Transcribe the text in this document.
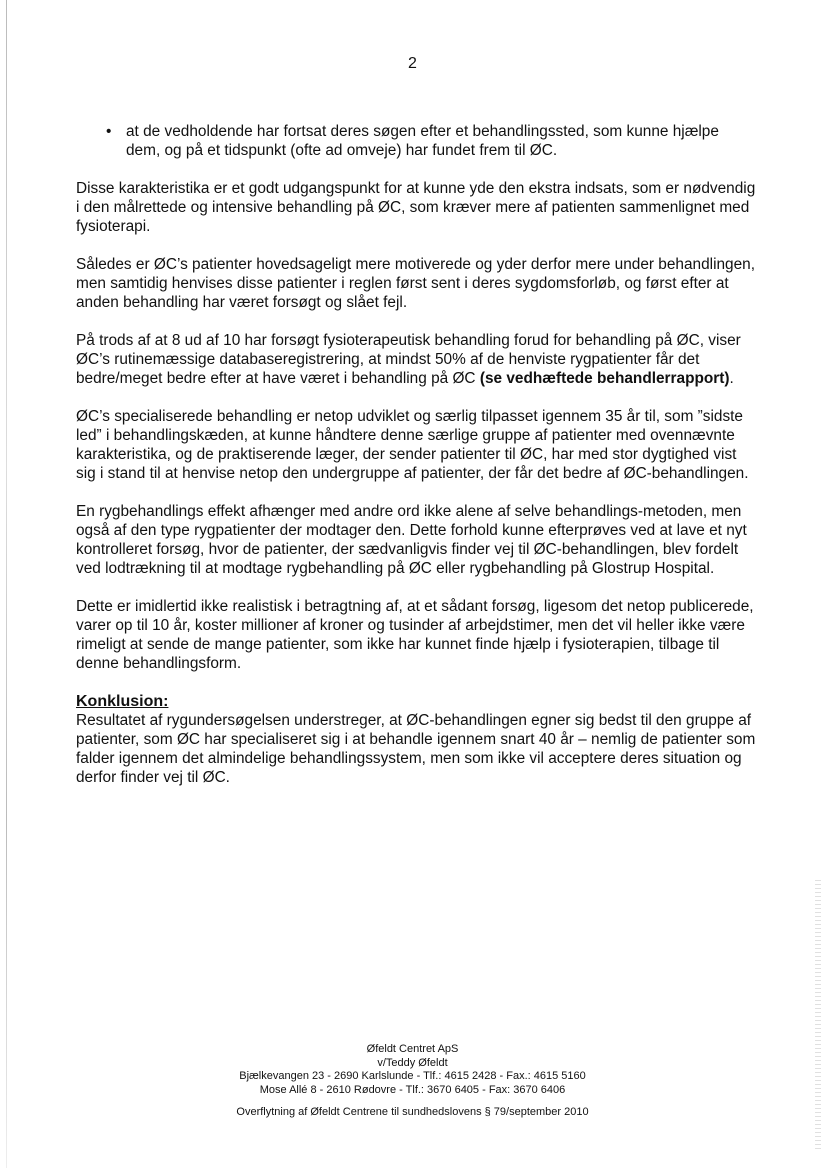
2
• at de vedholdende har fortsat deres søgen efter et behandlingssted, som kunne hjælpe dem, og på et tidspunkt (ofte ad omveje) har fundet frem til ØC.

Disse karakteristika er et godt udgangspunkt for at kunne yde den ekstra indsats, som er nødvendig i den målrettede og intensive behandling på ØC, som kræver mere af patienten sammenlignet med fysioterapi.

Således er ØC’s patienter hovedsageligt mere motiverede og yder derfor mere under behandlingen, men samtidig henvises disse patienter i reglen først sent i deres sygdomsforløb, og først efter at anden behandling har været forsøgt og slået fejl.

På trods af at 8 ud af 10 har forsøgt fysioterapeutisk behandling forud for behandling på ØC, viser ØC’s rutinemæssige databaseregistrering, at mindst 50% af de henviste rygpatienter får det bedre/meget bedre efter at have været i behandling på ØC (se vedhæftede behandlerrapport).

ØC’s specialiserede behandling er netop udviklet og særlig tilpasset igennem 35 år til, som ”sidste led” i behandlingskæden, at kunne håndtere denne særlige gruppe af patienter med ovennævnte karakteristika, og de praktiserende læger, der sender patienter til ØC, har med stor dygtighed vist sig i stand til at henvise netop den undergruppe af patienter, der får det bedre af ØC-behandlingen.

En rygbehandlings effekt afhænger med andre ord ikke alene af selve behandlings-metoden, men også af den type rygpatienter der modtager den. Dette forhold kunne efterprøves ved at lave et nyt kontrolleret forsøg, hvor de patienter, der sædvanligvis finder vej til ØC-behandlingen, blev fordelt ved lodtrækning til at modtage rygbehandling på ØC eller rygbehandling på Glostrup Hospital.

Dette er imidlertid ikke realistisk i betragtning af, at et sådant forsøg, ligesom det netop publicerede, varer op til 10 år, koster millioner af kroner og tusinder af arbejdstimer, men det vil heller ikke være rimeligt at sende de mange patienter, som ikke har kunnet finde hjælp i fysioterapien, tilbage til denne behandlingsform.

Konklusion:

Resultatet af rygundersøgelsen understreger, at ØC-behandlingen egner sig bedst til den gruppe af patienter, som ØC har specialiseret sig i at behandle igennem snart 40 år – nemlig de patienter som falder igennem det almindelige behandlingssystem, men som ikke vil acceptere deres situation og derfor finder vej til ØC.

Øfeldt Centret ApS
v/Teddy Øfeldt
Bjælkevangen 23 - 2690 Karlslunde - Tlf.: 4615 2428 - Fax.: 4615 5160
Mose Allé 8 - 2610 Rødovre - Tlf.: 3670 6405 - Fax: 3670 6406
Overflytning af Øfeldt Centrene til sundhedslovens § 79/september 2010
